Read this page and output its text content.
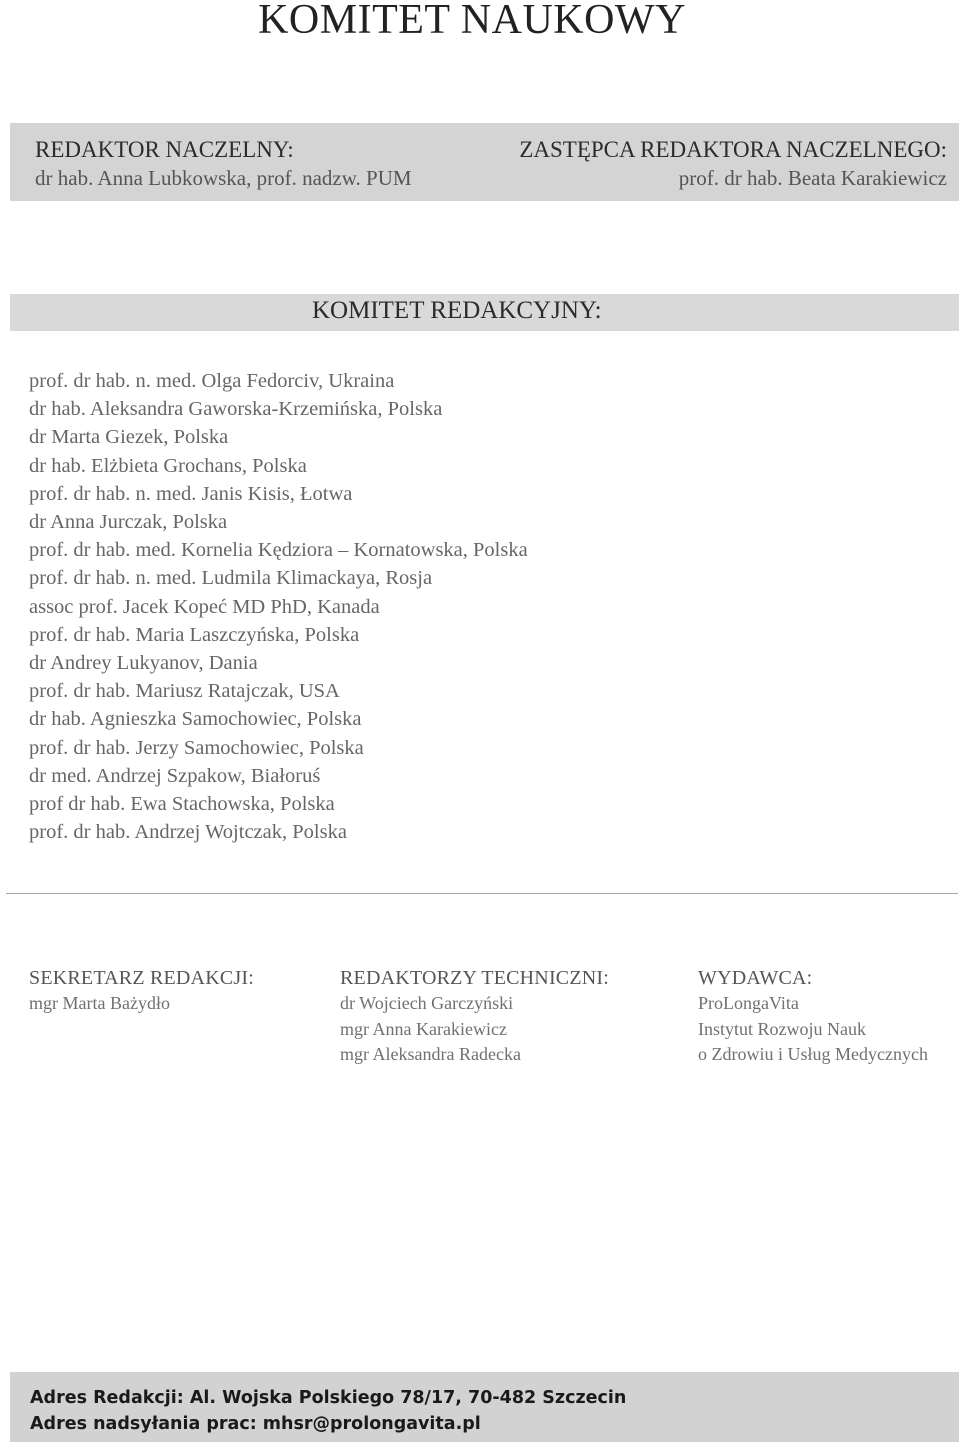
KOMITET NAUKOWY
REDAKTOR NACZELNY:
dr hab. Anna Lubkowska, prof. nadzw. PUM
ZASTĘPCA REDAKTORA NACZELNEGO:
prof. dr hab. Beata Karakiewicz
KOMITET REDAKCYJNY:
prof. dr hab. n. med. Olga Fedorciv, Ukraina
dr hab. Aleksandra Gaworska-Krzemińska, Polska
dr Marta Giezek, Polska
dr hab. Elżbieta Grochans, Polska
prof. dr hab. n. med. Janis Kisis, Łotwa
dr Anna Jurczak, Polska
prof. dr hab. med. Kornelia Kędziora – Kornatowska, Polska
prof. dr hab. n. med. Ludmila Klimackaya, Rosja
assoc prof. Jacek Kopeć MD PhD, Kanada
prof. dr hab. Maria Laszczyńska, Polska
dr Andrey Lukyanov, Dania
prof. dr hab. Mariusz Ratajczak, USA
dr hab. Agnieszka Samochowiec, Polska
prof. dr hab. Jerzy Samochowiec, Polska
dr med. Andrzej Szpakow, Białoruś
prof dr hab. Ewa Stachowska, Polska
prof. dr hab. Andrzej Wojtczak, Polska
SEKRETARZ REDAKCJI:
mgr Marta Bażydło
REDAKTORZY TECHNICZNI:
dr Wojciech Garczyński
mgr Anna Karakiewicz
mgr Aleksandra Radecka
WYDAWCA:
ProLongaVita
Instytut Rozwoju Nauk
o Zdrowiu i Usług Medycznych
Adres Redakcji: Al. Wojska Polskiego 78/17, 70-482 Szczecin
Adres nadsyłania prac: mhsr@prolongavita.pl
